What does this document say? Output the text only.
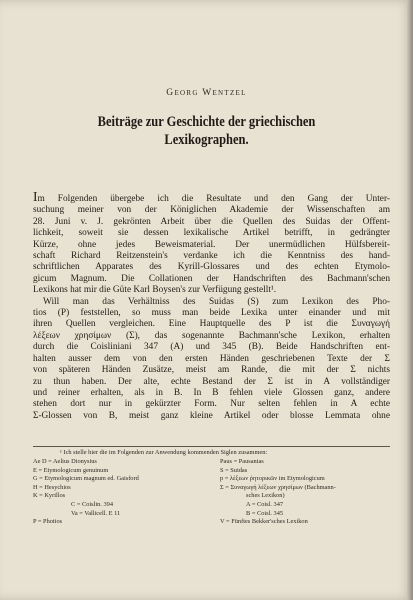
Georg Wentzel
Beiträge zur Geschichte der griechischen
Lexikographen.
Im Folgenden übergebe ich die Resultate und den Gang der Unter-
suchung meiner von der Königlichen Akademie der Wissenschaften am
28. Juni v. J. gekrönten Arbeit über die Quellen des Suidas der Öffent-
lichkeit, soweit sie dessen lexikalische Artikel betrifft, in gedrängter
Kürze, ohne jedes Beweismaterial. Der unermüdlichen Hülfsbereit-
schaft Richard Reitzenstein's verdanke ich die Kenntniss des hand-
schriftlichen Apparates des Kyrill-Glossares und des echten Etymolo-
gicum Magnum. Die Collationen der Handschriften des Bachmann'schen
Lexikons hat mir die Güte Karl Boysen's zur Verfügung gestellt¹.
Will man das Verhältniss des Suidas (S) zum Lexikon des Pho-
tios (P) feststellen, so muss man beide Lexika unter einander und mit
ihren Quellen vergleichen. Eine Hauptquelle des P ist die Συναγωγή
λέξεων χρησίμων (Σ), das sogenannte Bachmann'sche Lexikon, erhalten
durch die Coisliniani 347 (A) und 345 (B). Beide Handschriften ent-
halten ausser dem von den ersten Händen geschriebenen Texte der Σ
von späteren Händen Zusätze, meist am Rande, die mit der Σ nichts
zu thun haben. Der alte, echte Bestand der Σ ist in A vollständiger
und reiner erhalten, als in B. In B fehlen viele Glossen ganz, andere
stehen dort nur in gekürzter Form. Nur selten fehlen in A echte
Σ-Glossen von B, meist ganz kleine Artikel oder blosse Lemmata ohne
¹ Ich stelle hier die im Folgenden zur Anwendung kommenden Siglen zusammen:
Ae D = Aelius Dionysius
E = Etymologicum genuinum
G = Etymologicum magnum ed. Gaisford
H = Hesychios
K = Kyrillos
C = Coislin. 394
Va = Vallicell. E 11
P = Photios
Paus = Pausanias
S = Suidas
p = λέξεων ῥητορικῶν im Etymologicum
Σ = Συναγωγή λέξεων χρησίμων (Bachmann-
sches Lexikon)
A = Coisl. 347
B = Coisl. 345
V = Fünftes Bekker'sches Lexikon
